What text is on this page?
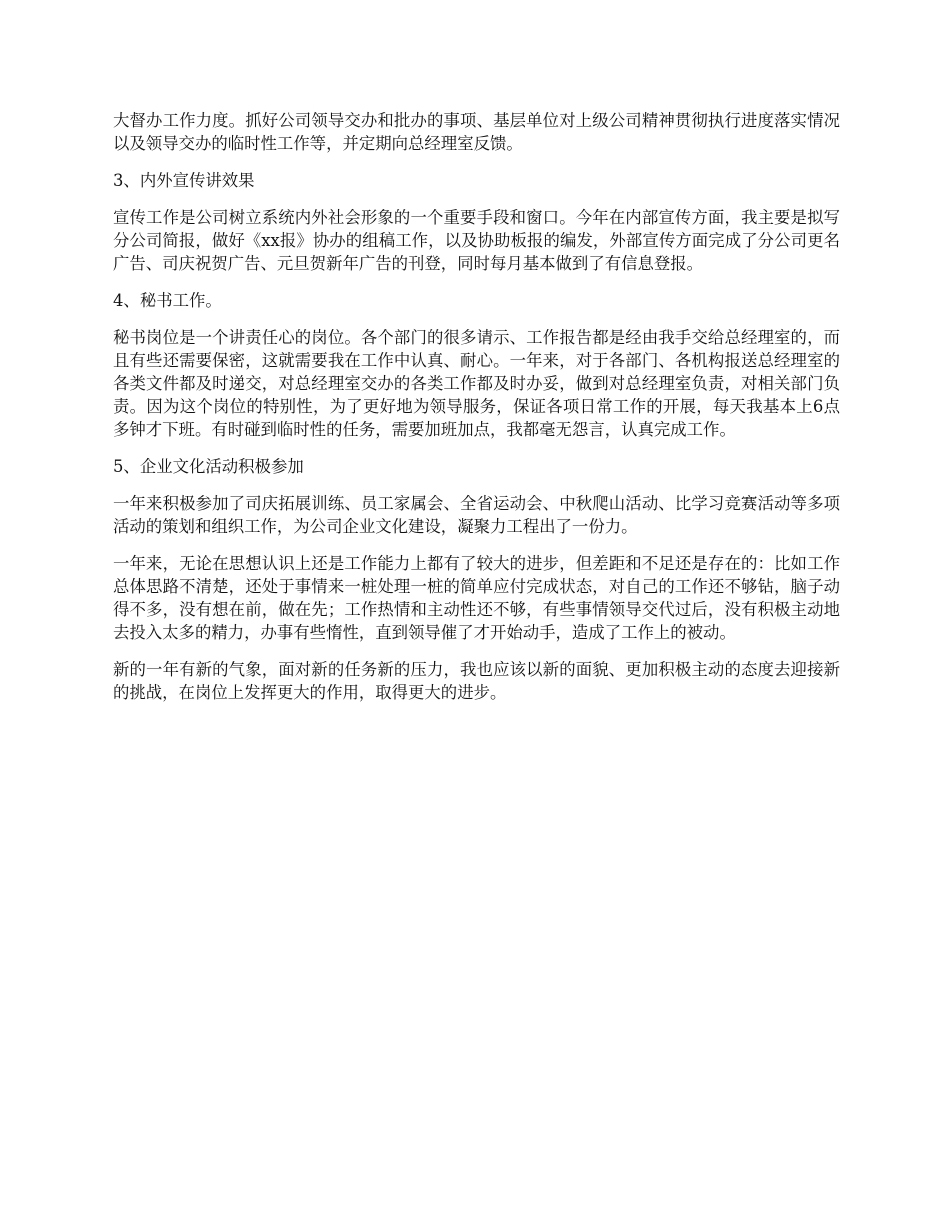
大督办工作力度。抓好公司领导交办和批办的事项、基层单位对上级公司精神贯彻执行进度落实情况以及领导交办的临时性工作等，并定期向总经理室反馈。

3、内外宣传讲效果

宣传工作是公司树立系统内外社会形象的一个重要手段和窗口。今年在内部宣传方面，我主要是拟写分公司简报，做好《xx报》协办的组稿工作，以及协助板报的编发，外部宣传方面完成了分公司更名广告、司庆祝贺广告、元旦贺新年广告的刊登，同时每月基本做到了有信息登报。

4、秘书工作。

秘书岗位是一个讲责任心的岗位。各个部门的很多请示、工作报告都是经由我手交给总经理室的，而且有些还需要保密，这就需要我在工作中认真、耐心。一年来，对于各部门、各机构报送总经理室的各类文件都及时递交，对总经理室交办的各类工作都及时办妥，做到对总经理室负责，对相关部门负责。因为这个岗位的特别性，为了更好地为领导服务，保证各项日常工作的开展，每天我基本上6点多钟才下班。有时碰到临时性的任务，需要加班加点，我都毫无怨言，认真完成工作。

5、企业文化活动积极参加

一年来积极参加了司庆拓展训练、员工家属会、全省运动会、中秋爬山活动、比学习竞赛活动等多项活动的策划和组织工作，为公司企业文化建设，凝聚力工程出了一份力。

一年来，无论在思想认识上还是工作能力上都有了较大的进步，但差距和不足还是存在的：比如工作总体思路不清楚，还处于事情来一桩处理一桩的简单应付完成状态，对自己的工作还不够钻，脑子动得不多，没有想在前，做在先；工作热情和主动性还不够，有些事情领导交代过后，没有积极主动地去投入太多的精力，办事有些惰性，直到领导催了才开始动手，造成了工作上的被动。

新的一年有新的气象，面对新的任务新的压力，我也应该以新的面貌、更加积极主动的态度去迎接新的挑战，在岗位上发挥更大的作用，取得更大的进步。
